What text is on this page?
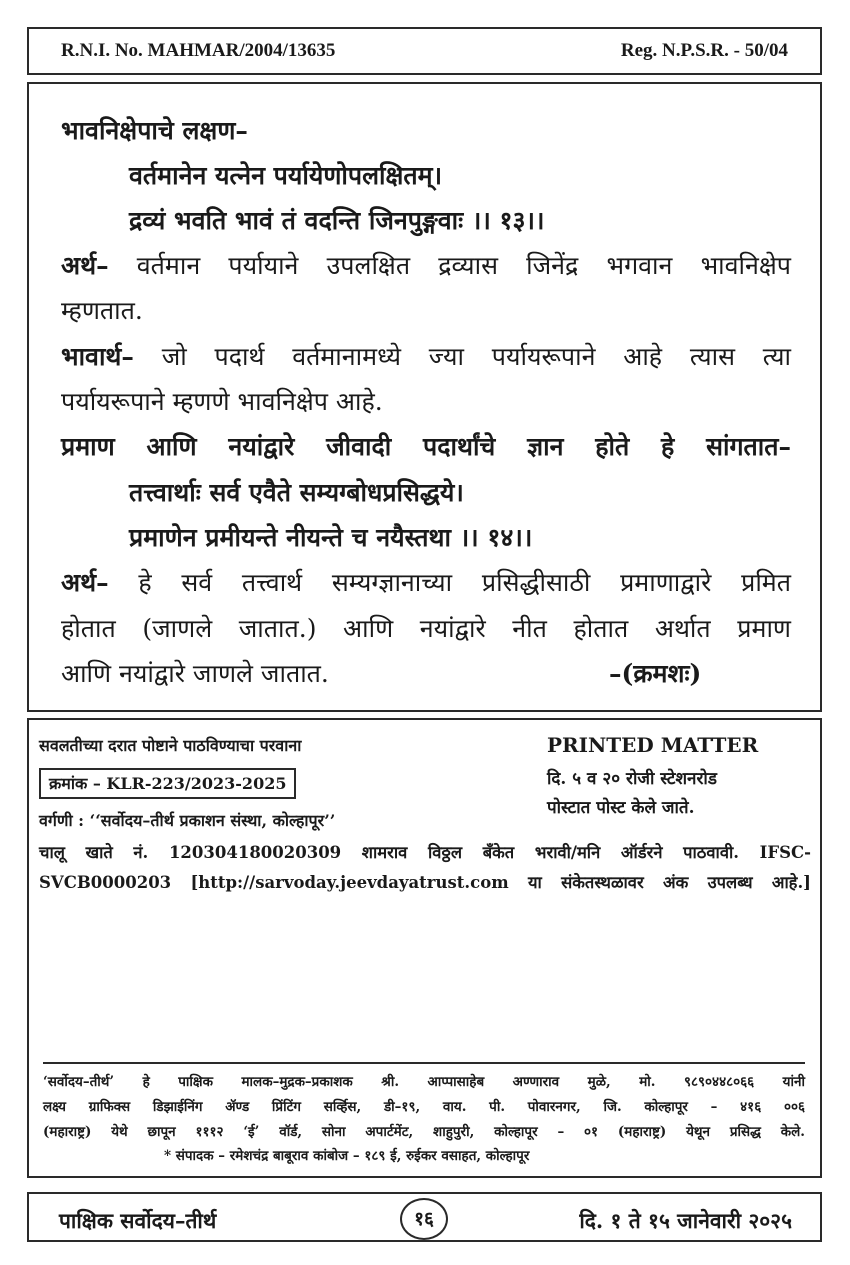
R.N.I. No. MAHMAR/2004/13635	Reg. N.P.S.R. - 50/04
भावनिक्षेपाचे लक्षण–
वर्तमानेन यत्नेन पर्यायेणोपलक्षितम्।
द्रव्यं भवति भावं तं वदन्ति जिनपुङ्गवाः ।। १३।।
अर्थ– वर्तमान पर्यायाने उपलक्षित द्रव्यास जिनेंद्र भगवान भावनिक्षेप
म्हणतात.
भावार्थ– जो पदार्थ वर्तमानामध्ये ज्या पर्यायरूपाने आहे त्यास त्या
पर्यायरूपाने म्हणणे भावनिक्षेप आहे.
प्रमाण आणि नयांद्वारे जीवादी पदार्थांचे ज्ञान होते हे सांगतात–
तत्त्वार्थाः सर्व एवैते सम्यग्बोधप्रसिद्धये।
प्रमाणेन प्रमीयन्ते नीयन्ते च नयैस्तथा ।। १४।।
अर्थ– हे सर्व तत्त्वार्थ सम्यग्ज्ञानाच्या प्रसिद्धीसाठी प्रमाणाद्वारे प्रमित
होतात (जाणले जातात.) आणि नयांद्वारे नीत होतात अर्थात प्रमाण
आणि नयांद्वारे जाणले जातात.	–(क्रमशः)
सवलतीच्या दरात पोष्टाने पाठविण्याचा परवाना
क्रमांक – KLR-223/2023-2025
वर्गणी : ‘‘सर्वोदय–तीर्थ प्रकाशन संस्था, कोल्हापूर’’
PRINTED MATTER
दि. ५ व २० रोजी स्टेशनरोड
पोस्टात पोस्ट केले जाते.
चालू खाते नं. 120304180020309 शामराव विठ्ठल बँकेत भरावी/मनि ऑर्डरने पाठवावी. IFSC-
SVCB0000203 [http://sarvoday.jeevdayatrust.com या संकेतस्थळावर अंक उपलब्ध आहे.]
‘सर्वोदय–तीर्थ’ हे पाक्षिक मालक–मुद्रक–प्रकाशक श्री. आप्पासाहेब अण्णाराव मुळे, मो. ९८९०४४८०६६ यांनी
लक्ष्य ग्राफिक्स डिझाईनिंग ॲण्ड प्रिंटिंग सर्व्हिस, डी–१९, वाय. पी. पोवारनगर, जि. कोल्हापूर – ४१६ ००६
(महाराष्ट्र) येथे छापून १११२ ‘ई’ वॉर्ड, सोना अपार्टमेंट, शाहुपुरी, कोल्हापूर – ०१ (महाराष्ट्र) येथून प्रसिद्ध केले.
* संपादक – रमेशचंद्र बाबूराव कांबोज – १८९ ई, रुईकर वसाहत, कोल्हापूर
पाक्षिक सर्वोदय–तीर्थ	१६	दि. १ ते १५ जानेवारी २०२५
